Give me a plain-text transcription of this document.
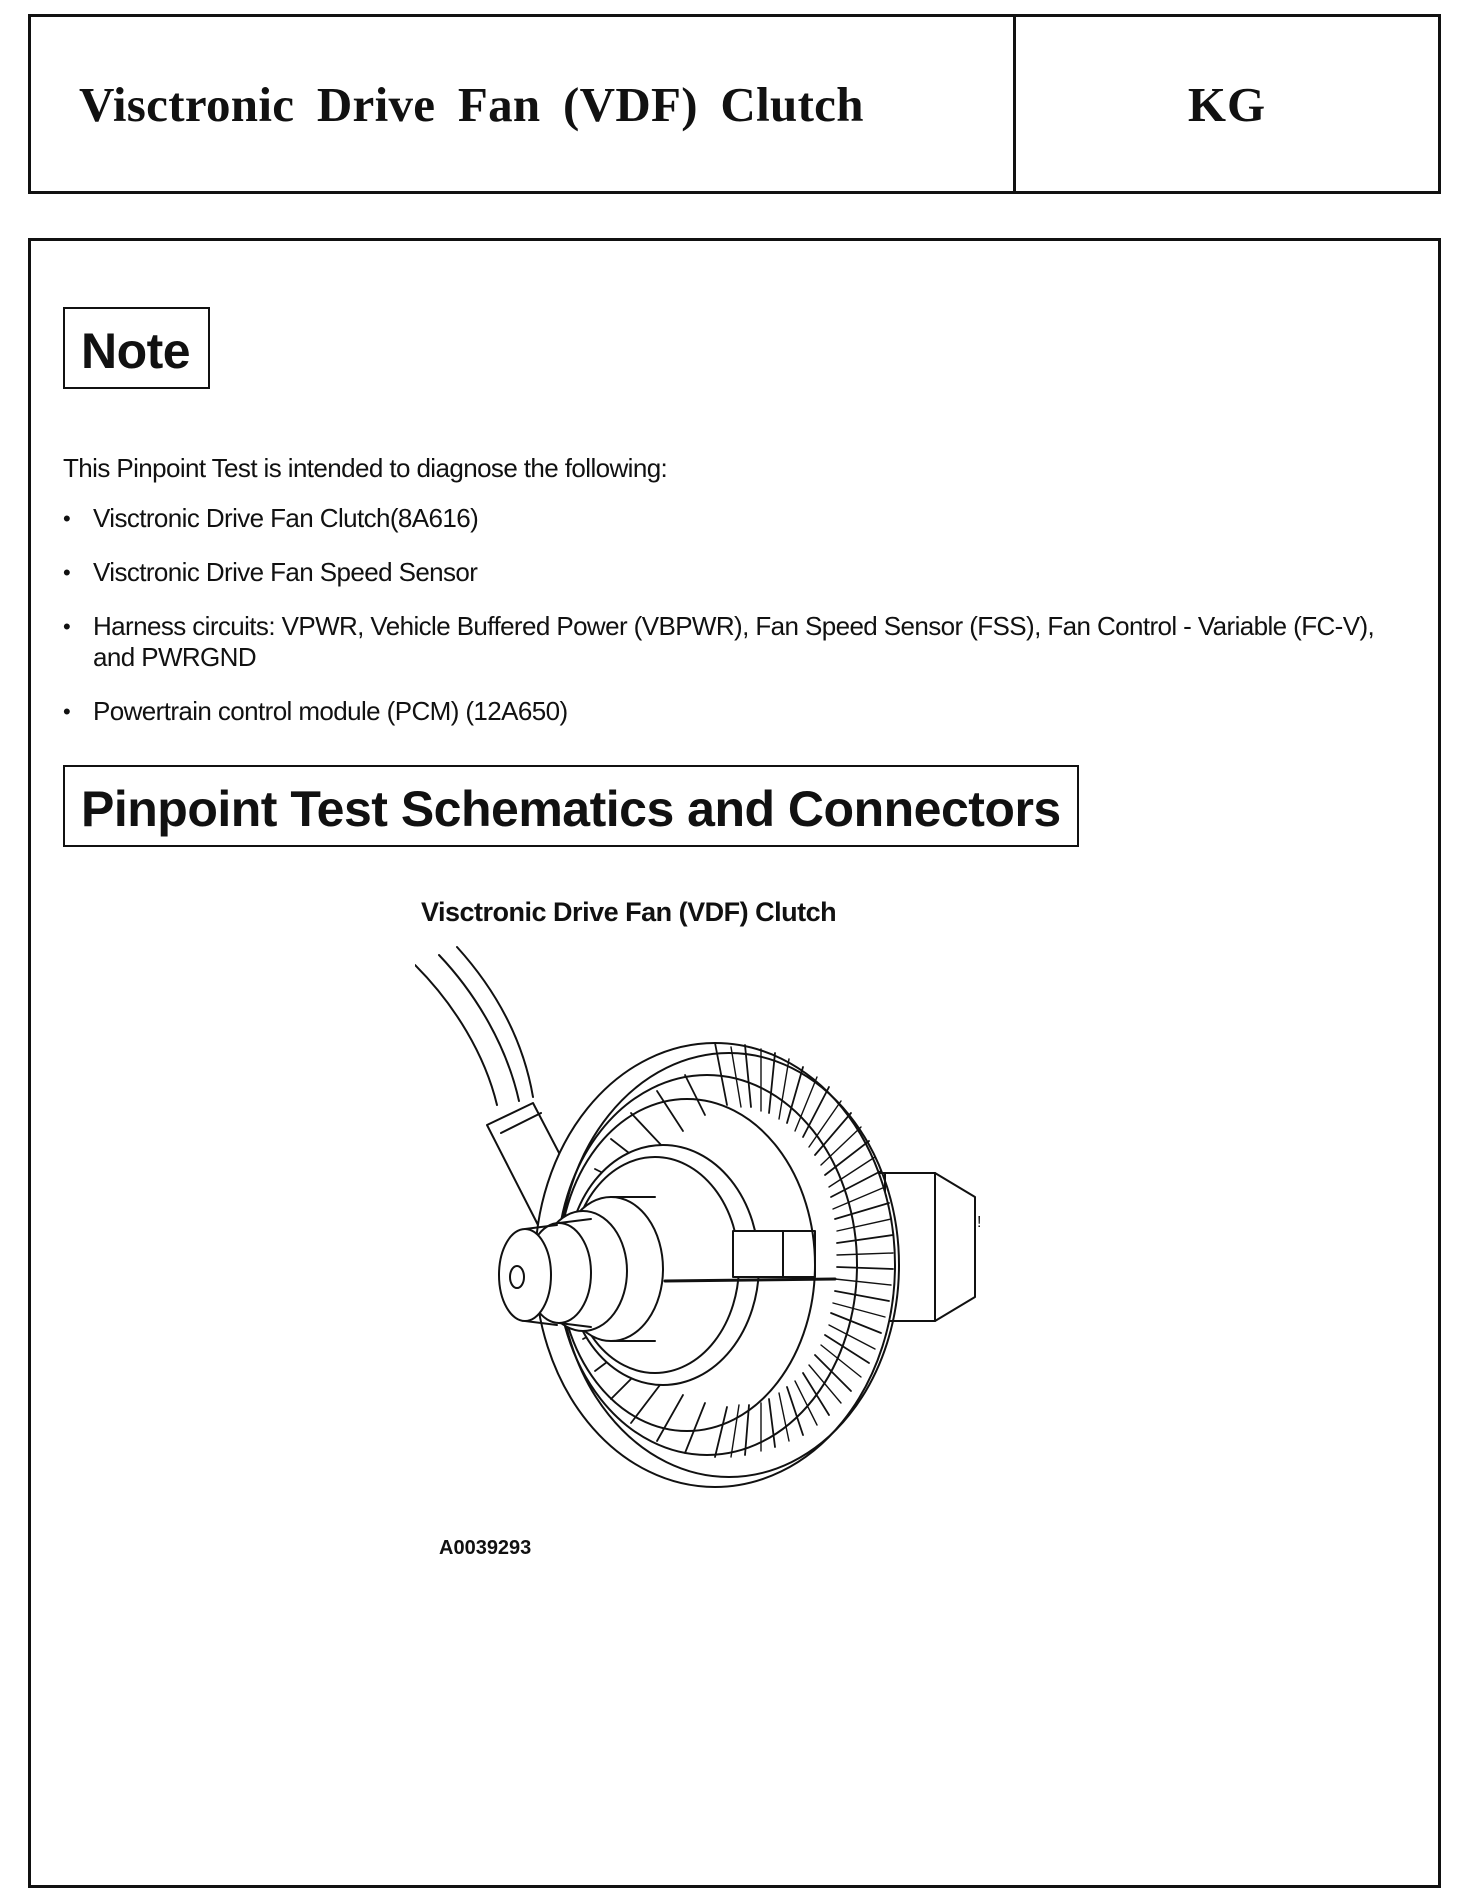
Visctronic Drive Fan (VDF) Clutch	KG
Note
This Pinpoint Test is intended to diagnose the following:
• Visctronic Drive Fan Clutch(8A616)
• Visctronic Drive Fan Speed Sensor
• Harness circuits: VPWR, Vehicle Buffered Power (VBPWR), Fan Speed Sensor (FSS), Fan Control - Variable (FC-V), and PWRGND
• Powertrain control module (PCM) (12A650)
Pinpoint Test Schematics and Connectors
Visctronic Drive Fan (VDF) Clutch
!
A0039293
